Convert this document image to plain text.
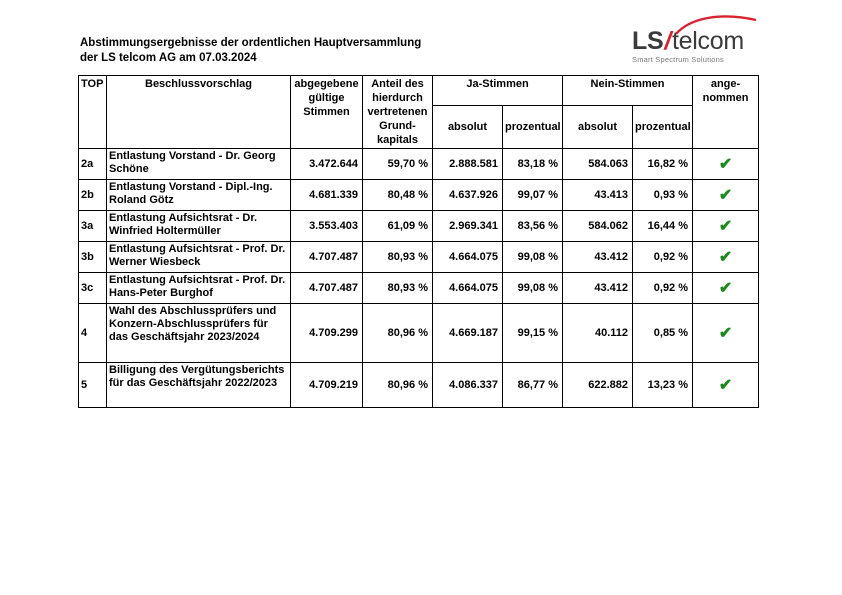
Abstimmungsergebnisse der ordentlichen Hauptversammlung
der LS telcom AG am 07.03.2024
LS/telcom
Smart Spectrum Solutions
TOP	Beschlussvorschlag	abgegebene gültige Stimmen	Anteil des hierdurch vertretenen Grund-kapitals	Ja-Stimmen		Nein-Stimmen		ange-nommen
				absolut	prozentual	absolut	prozentual	
2a	Entlastung Vorstand - Dr. Georg Schöne	3.472.644	59,70 %	2.888.581	83,18 %	584.063	16,82 %	✔
2b	Entlastung Vorstand - Dipl.-Ing. Roland Götz	4.681.339	80,48 %	4.637.926	99,07 %	43.413	0,93 %	✔
3a	Entlastung Aufsichtsrat - Dr. Winfried Holtermüller	3.553.403	61,09 %	2.969.341	83,56 %	584.062	16,44 %	✔
3b	Entlastung Aufsichtsrat - Prof. Dr. Werner Wiesbeck	4.707.487	80,93 %	4.664.075	99,08 %	43.412	0,92 %	✔
3c	Entlastung Aufsichtsrat - Prof. Dr. Hans-Peter Burghof	4.707.487	80,93 %	4.664.075	99,08 %	43.412	0,92 %	✔
4	Wahl des Abschlussprüfers und Konzern-Abschlussprüfers für das Geschäftsjahr 2023/2024	4.709.299	80,96 %	4.669.187	99,15 %	40.112	0,85 %	✔
5	Billigung des Vergütungsberichts für das Geschäftsjahr 2022/2023	4.709.219	80,96 %	4.086.337	86,77 %	622.882	13,23 %	✔
